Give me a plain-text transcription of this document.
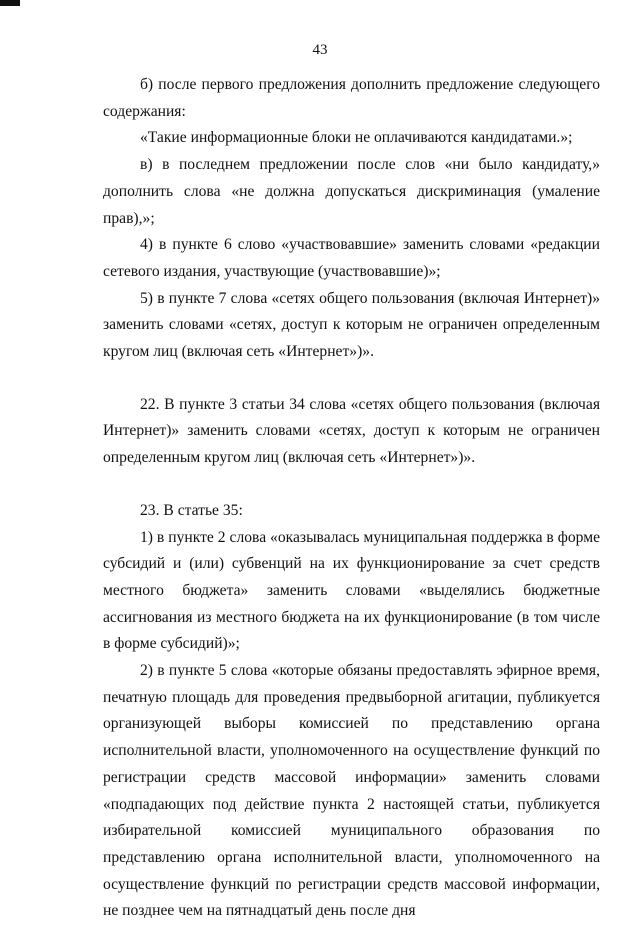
43

б) после первого предложения дополнить предложение следующего содержания:

«Такие информационные блоки не оплачиваются кандидатами.»;

в) в последнем предложении после слов «ни было кандидату,» дополнить слова «не должна допускаться дискриминация (умаление прав),»;

4) в пункте 6 слово «участвовавшие» заменить словами «редакции сетевого издания, участвующие (участвовавшие)»;

5) в пункте 7 слова «сетях общего пользования (включая Интернет)» заменить словами «сетях, доступ к которым не ограничен определенным кругом лиц (включая сеть «Интернет»)».

22. В пункте 3 статьи 34 слова «сетях общего пользования (включая Интернет)» заменить словами «сетях, доступ к которым не ограничен определенным кругом лиц (включая сеть «Интернет»)».

23. В статье 35:

1) в пункте 2 слова «оказывалась муниципальная поддержка в форме субсидий и (или) субвенций на их функционирование за счет средств местного бюджета» заменить словами «выделялись бюджетные ассигнования из местного бюджета на их функционирование (в том числе в форме субсидий)»;

2) в пункте 5 слова «которые обязаны предоставлять эфирное время, печатную площадь для проведения предвыборной агитации, публикуется организующей выборы комиссией по представлению органа исполнительной власти, уполномоченного на осуществление функций по регистрации средств массовой информации» заменить словами «подпадающих под действие пункта 2 настоящей статьи, публикуется избирательной комиссией муниципального образования по представлению органа исполнительной власти, уполномоченного на осуществление функций по регистрации средств массовой информации, не позднее чем на пятнадцатый день после дня
